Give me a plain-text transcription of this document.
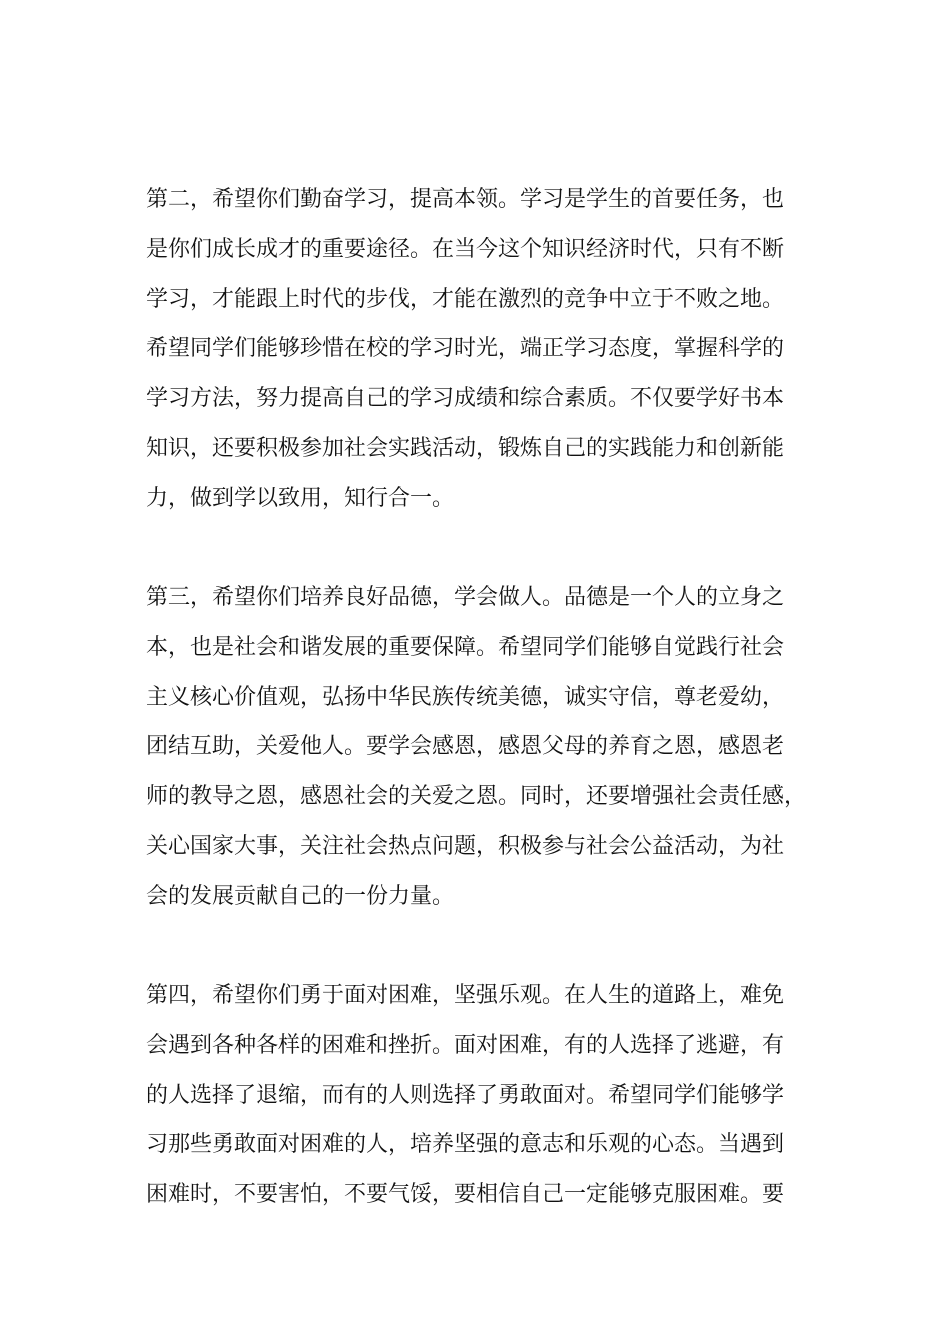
第二，希望你们勤奋学习，提高本领。学习是学生的首要任务，也
是你们成长成才的重要途径。在当今这个知识经济时代，只有不断
学习，才能跟上时代的步伐，才能在激烈的竞争中立于不败之地。
希望同学们能够珍惜在校的学习时光，端正学习态度，掌握科学的
学习方法，努力提高自己的学习成绩和综合素质。不仅要学好书本
知识，还要积极参加社会实践活动，锻炼自己的实践能力和创新能
力，做到学以致用，知行合一。
第三，希望你们培养良好品德，学会做人。品德是一个人的立身之
本，也是社会和谐发展的重要保障。希望同学们能够自觉践行社会
主义核心价值观，弘扬中华民族传统美德，诚实守信，尊老爱幼，
团结互助，关爱他人。要学会感恩，感恩父母的养育之恩，感恩老
师的教导之恩，感恩社会的关爱之恩。同时，还要增强社会责任感，
关心国家大事，关注社会热点问题，积极参与社会公益活动，为社
会的发展贡献自己的一份力量。
第四，希望你们勇于面对困难，坚强乐观。在人生的道路上，难免
会遇到各种各样的困难和挫折。面对困难，有的人选择了逃避，有
的人选择了退缩，而有的人则选择了勇敢面对。希望同学们能够学
习那些勇敢面对困难的人，培养坚强的意志和乐观的心态。当遇到
困难时，不要害怕，不要气馁，要相信自己一定能够克服困难。要
